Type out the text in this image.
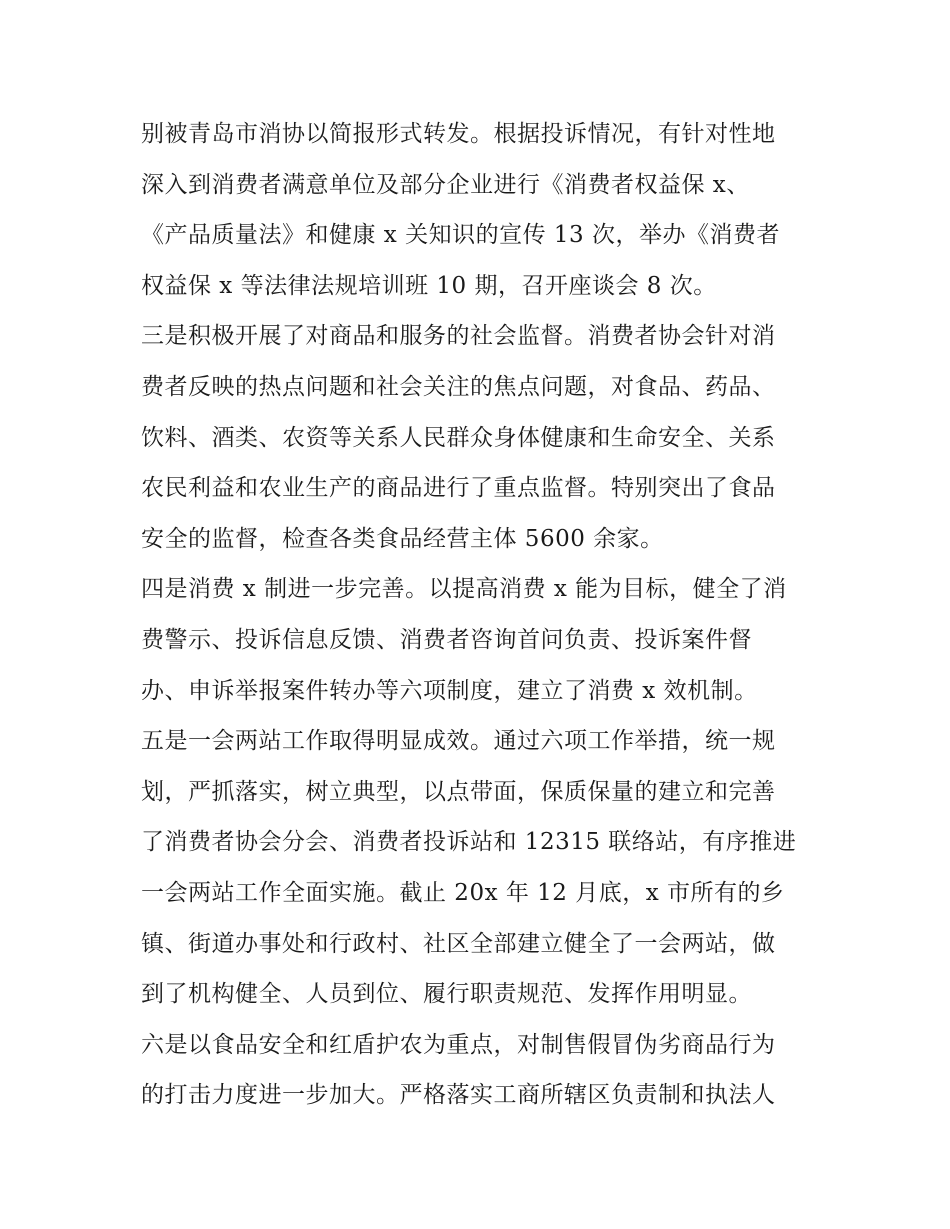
别被青岛市消协以简报形式转发。根据投诉情况，有针对性地
深入到消费者满意单位及部分企业进行《消费者权益保 x、
《产品质量法》和健康 x 关知识的宣传 13 次，举办《消费者
权益保 x 等法律法规培训班 10 期，召开座谈会 8 次。
三是积极开展了对商品和服务的社会监督。消费者协会针对消
费者反映的热点问题和社会关注的焦点问题，对食品、药品、
饮料、酒类、农资等关系人民群众身体健康和生命安全、关系
农民利益和农业生产的商品进行了重点监督。特别突出了食品
安全的监督，检查各类食品经营主体 5600 余家。
四是消费 x 制进一步完善。以提高消费 x 能为目标，健全了消
费警示、投诉信息反馈、消费者咨询首问负责、投诉案件督
办、申诉举报案件转办等六项制度，建立了消费 x 效机制。
五是一会两站工作取得明显成效。通过六项工作举措，统一规
划，严抓落实，树立典型，以点带面，保质保量的建立和完善
了消费者协会分会、消费者投诉站和 12315 联络站，有序推进
一会两站工作全面实施。截止 20x 年 12 月底，x 市所有的乡
镇、街道办事处和行政村、社区全部建立健全了一会两站，做
到了机构健全、人员到位、履行职责规范、发挥作用明显。
六是以食品安全和红盾护农为重点，对制售假冒伪劣商品行为
的打击力度进一步加大。严格落实工商所辖区负责制和执法人
